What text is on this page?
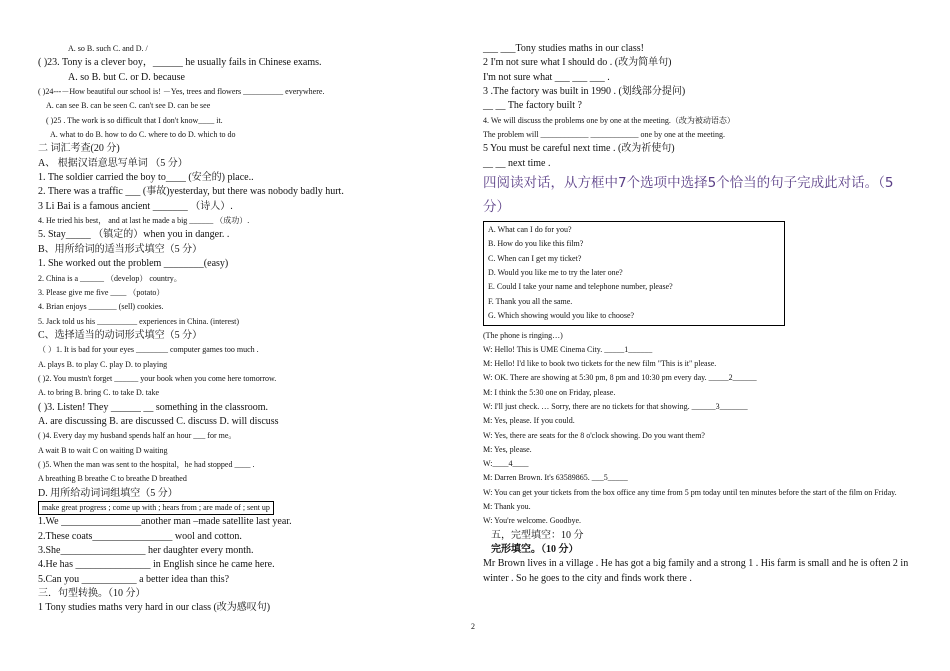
A. so B. such C. and D. /
( )23. Tony is a clever boy，______ he usually fails in Chinese exams.
A. so B. but C. or D. because
( )24---－How beautiful our school is! －Yes, trees and flowers __________ everywhere.
A. can see B. can be seen C. can't see D. can be see
( )25 . The work is so difficult that I don't know____ it.
A. what to do B. how to do C. where to do D. which to do
二 词汇考查(20 分)
A、 根据汉语意思写单词 （5 分）
1. The soldier carried the boy to____ (安全的) place..
2. There was a traffic ___ (事故)yesterday, but there was nobody badly hurt.
3 Li Bai is a famous ancient _______ （诗人）.
4. He tried his best， and at last he made a big ______ （成功）.
5. Stay_____ （镇定的）when you in danger. .
B、用所给词的适当形式填空（5 分）
1. She worked out the problem ________(easy)
2. China is a ______ （develop） country。
3. Please give me five ____ （potato）
4. Brian enjoys _______ (sell) cookies.
5. Jack told us his __________ experiences in China. (interest)
C、选择适当的动词形式填空（5 分）
（ ）1. It is bad for your eyes ________ computer games too much .
A. plays B. to play C. play D. to playing
( )2. You mustn't forget ______ your book when you come here tomorrow.
A. to bring B. bring C. to take D. take
( )3. Listen! They ______ __ something in the classroom.
A. are discussing B. are discussed C. discuss D. will discuss
( )4. Every day my husband spends half an hour ___ for me。
A wait B to wait C on waiting D waiting
( )5. When the man was sent to the hospital，he had stopped ____ .
A breathing B breathe C to breathe D breathed
D. 用所给动词词组填空（5 分）
make great progress ; come up with ; hears from ; are made of ; sent up
1.We ________________another man –made satellite last year.
2.These coats________________ wool and cotton.
3.She_________________ her daughter every month.
4.He has _______________ in English since he came here.
5.Can you ___________ a better idea than this?
三．句型转换。（10 分）
1 Tony studies maths very hard in our class (改为感叹句)
___ ___Tony studies maths in our class!
2 I'm not sure what I should do . (改为简单句)
I'm not sure what ___ ___ ___ .
3 .The factory was built in 1990 . (划线部分提问)
__ __ The factory built ?
4. We will discuss the problems one by one at the meeting.（改为被动语态）
The problem will ____________ ____________ one by one at the meeting.
5 You must be careful next time . (改为祈使句)
__ __ next time .
四阅读对话，从方框中7个选项中选择5个恰当的句子完成此对话。（5分）
A. What can I do for you?
B. How do you like this film?
C. When can I get my ticket?
D. Would you like me to try the later one?
E. Could I take your name and telephone number, please?
F. Thank you all the same.
G. Which showing would you like to choose?
(The phone is ringing…)
W: Hello! This is UME Cinema City. _____1______
M: Hello! I'd like to book two tickets for the new film "This is it" please.
W: OK. There are showing at 5:30 pm, 8 pm and 10:30 pm every day. _____2______
M: I think the 5:30 one on Friday, please.
W: I'll just check. … Sorry, there are no tickets for that showing. ______3_______
M: Yes, please. If you could.
W: Yes, there are seats for the 8 o'clock showing. Do you want them?
M: Yes, please.
W:____4____
M: Darren Brown. It's 63589865. ___5_____
W: You can get your tickets from the box office any time from 5 pm today until ten minutes before the start of the film on Friday.
M: Thank you.
W: You're welcome. Goodbye.
五，完型填空：10 分
完形填空。（10 分）
Mr Brown lives in a village . He has got a big family and a strong 1 . His farm is small and he is often 2 in winter . So he goes to the city and finds work there .
2
